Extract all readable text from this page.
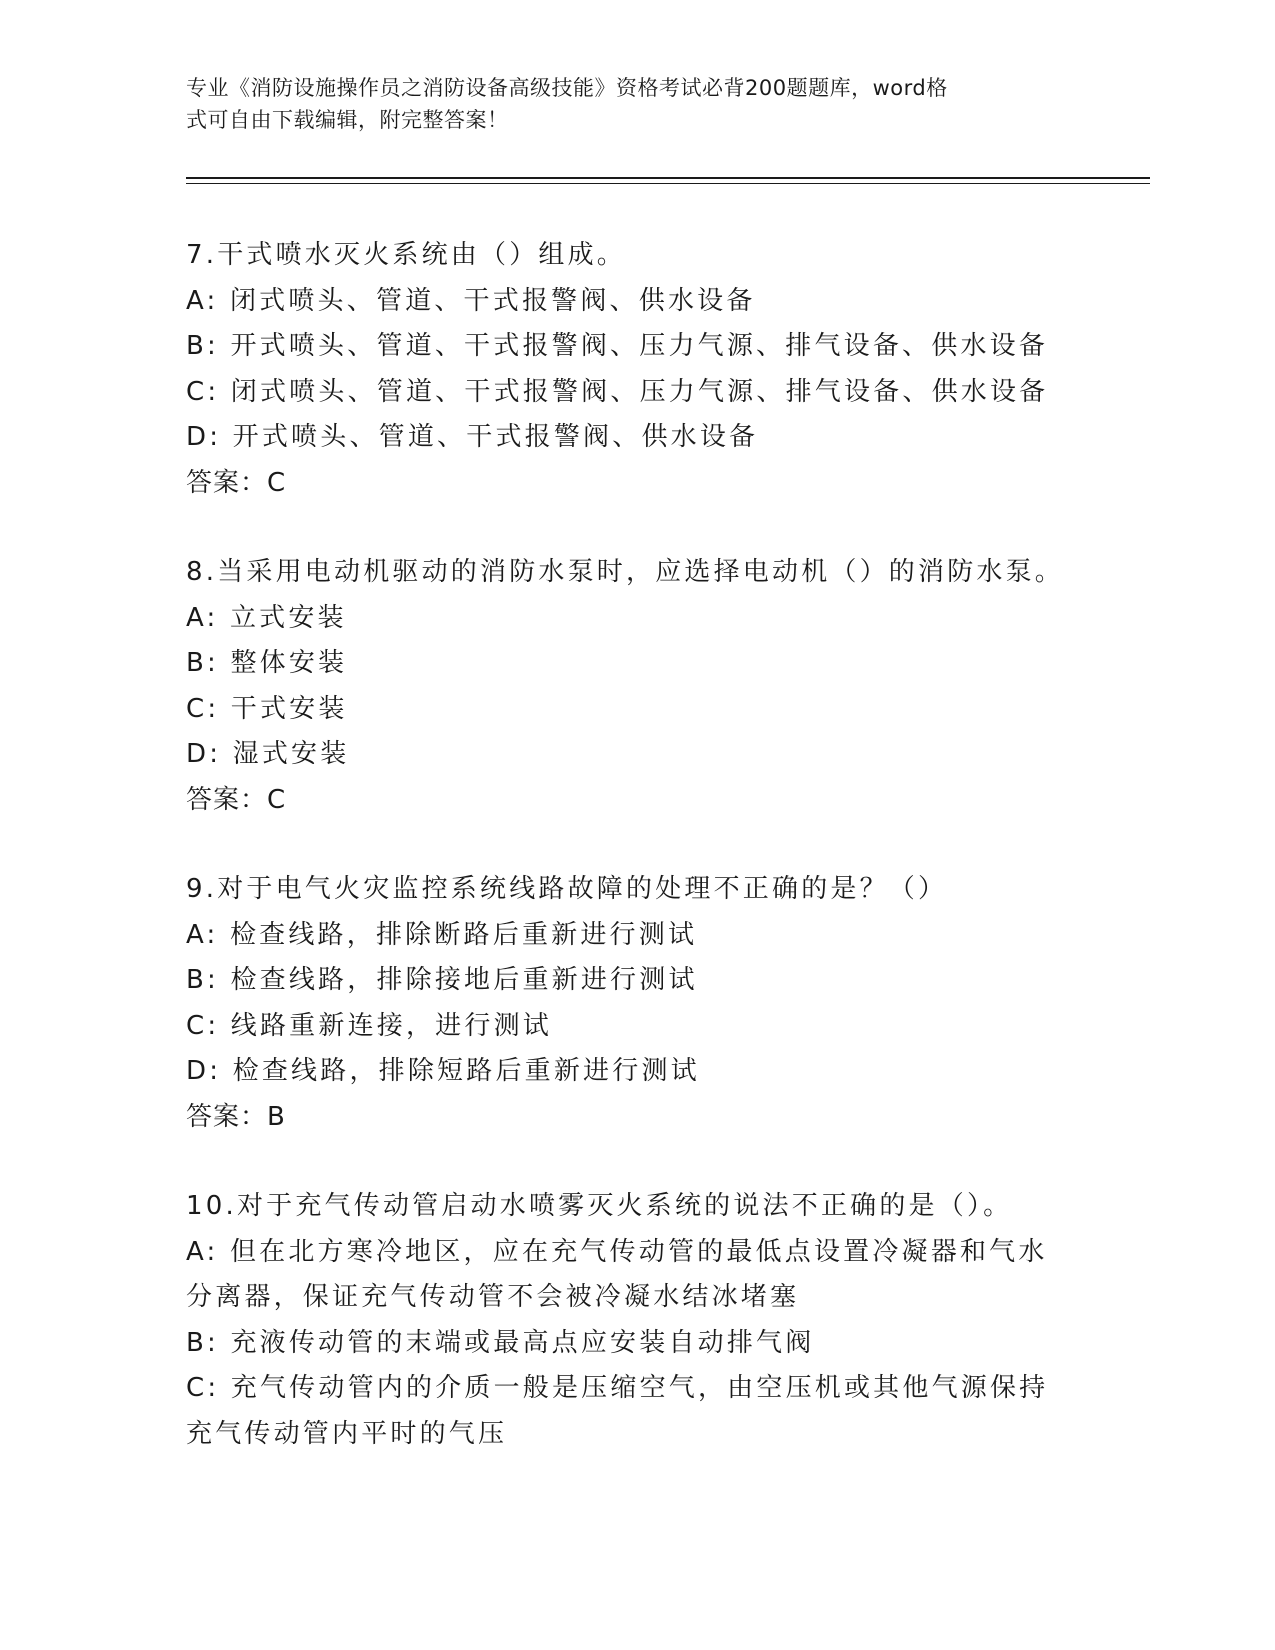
专业《消防设施操作员之消防设备高级技能》资格考试必背200题题库，word格
式可自由下载编辑，附完整答案！
7.干式喷水灭火系统由（）组成。
A: 闭式喷头、管道、干式报警阀、供水设备
B: 开式喷头、管道、干式报警阀、压力气源、排气设备、供水设备
C: 闭式喷头、管道、干式报警阀、压力气源、排气设备、供水设备
D: 开式喷头、管道、干式报警阀、供水设备
答案：C
8.当采用电动机驱动的消防水泵时，应选择电动机（）的消防水泵。
A: 立式安装
B: 整体安装
C: 干式安装
D: 湿式安装
答案：C
9.对于电气火灾监控系统线路故障的处理不正确的是？（）
A: 检查线路，排除断路后重新进行测试
B: 检查线路，排除接地后重新进行测试
C: 线路重新连接，进行测试
D: 检查线路，排除短路后重新进行测试
答案：B
10.对于充气传动管启动水喷雾灭火系统的说法不正确的是（）。
A: 但在北方寒冷地区，应在充气传动管的最低点设置冷凝器和气水分离器，保证充气传动管不会被冷凝水结冰堵塞
B: 充液传动管的末端或最高点应安装自动排气阀
C: 充气传动管内的介质一般是压缩空气，由空压机或其他气源保持充气传动管内平时的气压
